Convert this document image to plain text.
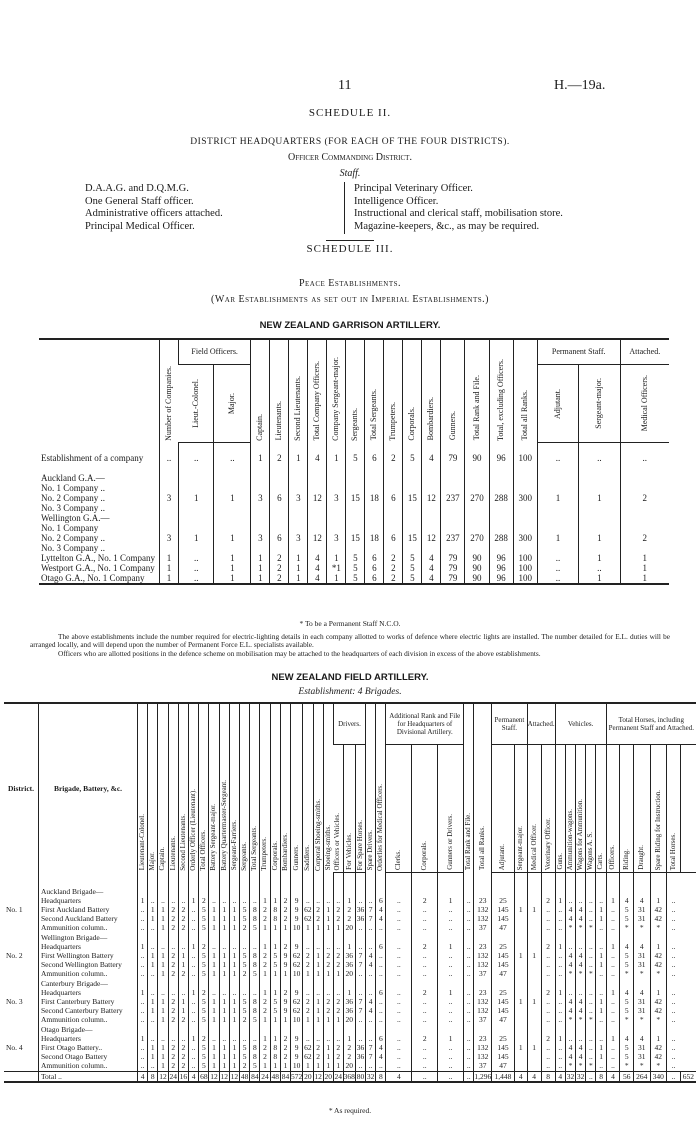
11	H.—19a.
SCHEDULE II.
DISTRICT HEADQUARTERS (FOR EACH OF THE FOUR DISTRICTS).
Officer Commanding District.
Staff.
D.A.A.G. and D.Q.M.G.
One General Staff officer.
Administrative officers attached.
Principal Medical Officer.
Principal Veterinary Officer.
Intelligence Officer.
Instructional and clerical staff, mobilisation store.
Magazine-keepers, &c., as may be required.
SCHEDULE III.
Peace Establishments.
(War Establishments as set out in Imperial Establishments.)
NEW ZEALAND GARRISON ARTILLERY.

	Number of Companies.	Field Officers.		Captain.	Lieutenants.	Second Lieutenants.	Total Company Officers.	Company Sergeant-major.	Sergeants.	Total Sergeants.	Trumpeters.	Corporals.	Bombardiers.	Gunners.	Total Rank and File.	Total, excluding Officers.	Total all Ranks.	Permanent Staff.		Attached.

		Lieut.-Colonel.	Major.															Adjutant.	Sergeant-major.	Medical Officers.

Establishment of a company	..	..	..	1	2	1	4	1	5	6	2	5	4	79	90	96	100	..	..	..
Auckland G.A.—																				
No. 1 Company ..																				
No. 2 Company ..	3	1	1	3	6	3	12	3	15	18	6	15	12	237	270	288	300	1	1	2
No. 3 Company ..																				
Wellington G.A.—																				
No. 1 Company																				
No. 2 Company ..	3	1	1	3	6	3	12	3	15	18	6	15	12	237	270	288	300	1	1	2
No. 3 Company ..																				
Lyttelton G.A., No. 1 Company	1	..	1	1	2	1	4	1	5	6	2	5	4	79	90	96	100	..	1	1
Westport G.A., No. 1 Company	1	..	1	1	2	1	4	*1	5	6	2	5	4	79	90	96	100	..	..	1
Otago G.A., No. 1 Company	1	..	1	1	2	1	4	1	5	6	2	5	4	79	90	96	100	..	1	1
* To be a Permanent Staff N.C.O.
The above establishments include the number required for electric-lighting details in each company allotted to works of defence where electric lights are installed. The number detailed for E.L. duties will be arranged locally, and will depend upon the number of Permanent Force E.L. specialists available.
Officers who are allotted positions in the defence scheme on mobilisation may be attached to the headquarters of each division in excess of the above establishments.
NEW ZEALAND FIELD ARTILLERY.
Establishment: 4 Brigades.
District.	Brigade, Battery, &c.	Lieutenant-Colonel.	Major.	Captain.	Lieutenants.	Second Lieutenants.	Orderly Officer (Lieutenant).	Total Officers.	Battery Sergeant-major.	Battery Quartermaster-Sergeant.	Sergeant-Farriers.	Sergeants.	Total Sergeants.	Trumpeters.	Corporals.	Bombardiers.	Gunners.	Saddlers.	Corporal Shoeing-smiths.	Shoeing-smiths.	Drivers.			Spare Drivers.	Orderlies for Medical Officers.	Additional Rank and File for Headquarters of Divisional Artillery.			Total Rank and File.	Total all Ranks.	Permanent Staff.		Attached.		Vehicles.					Total Horses, including Permanent Staff and Attached.					

																					Officers or Vehicles.	For Vehicles.	For Spare Horses.			Clerks.	Corporals.	Gunners or Drivers.			Adjutant.	Sergeant-major.	Medical Officer.	Veterinary Officer.	Guns.	Ammunition-wagons.	Wagons for Ammunition.	Wagons A. S.	Carts.	Officers.	Riding.	Draught.	Spare Riding for Instruction.	Total Horses.	

	Auckland Brigade—																																												
	Headquarters	1	..	..	..	..	1	2	..	..	..	..	..	1	1	2	9	..	..	..	..	1	..	..	6	..	2	1	..	23	25			2	1	..	..	..	..	1	4	4	1	..	
No. 1	First Auckland Battery	..	1	1	2	2	..	5	1	1	1	5	8	2	8	2	9	62	2	1	2	2	36	7	4	..	..	..	..	132	145	1	1	..	..	4	4	..	1	..	5	31	42	..	
	Second Auckland Battery	..	1	1	2	2	..	5	1	1	1	5	8	2	8	2	9	62	2	1	2	2	36	7	4	..	..	..	..	132	145			..	..	4	4	..	1	..	5	31	42	..	
	Ammunition column..	..	..	1	2	2	..	5	1	1	1	2	5	1	1	1	10	1	1	1	1	20	..	..	..	..	..	..	..	37	47			..	..	*	*	*	..	..	*	*	*	..	
	Wellington Brigade—																																												
	Headquarters	1	..	..	..	..	1	2	..	..	..	..	..	1	1	2	9	..	..	..	..	1	..	..	6	..	2	1	..	23	25			2	1	..	..	..	..	1	4	4	1	..	
No. 2	First Wellington Battery	..	1	1	2	1	..	5	1	1	1	5	8	2	5	9	62	2	1	2	2	36	7	4	..	..	..	..	..	132	145	1	1	..	..	4	4	..	1	..	5	31	42	..	
	Second Wellington Battery	..	1	1	2	1	..	5	1	1	1	5	8	2	5	9	62	2	1	2	2	36	7	4	..	..	..	..	..	132	145			..	..	4	4	..	1	..	5	31	42	..	
	Ammunition column..	..	..	1	2	2	..	5	1	1	1	2	5	1	1	1	10	1	1	1	1	20	..	..	..	..	..	..	..	37	47			..	..	*	*	*	..	..	*	*	*	..	
	Canterbury Brigade—																																												
	Headquarters	1	..	..	..	..	1	2	..	..	..	..	..	1	1	2	9	..	..	..	..	1	..	..	6	..	2	1	..	23	25			2	1	..	..	..	..	1	4	4	1	..	
No. 3	First Canterbury Battery	..	1	1	2	1	..	5	1	1	1	5	8	2	5	9	62	2	1	2	2	36	7	4	..	..	..	..	..	132	145	1	1	..	..	4	4	..	1	..	5	31	42	..	
	Second Canterbury Battery	..	1	1	2	1	..	5	1	1	1	5	8	2	5	9	62	2	1	2	2	36	7	4	..	..	..	..	..	132	145			..	..	4	4	..	1	..	5	31	42	..	
	Ammunition column..	..	..	1	2	2	..	5	1	1	1	2	5	1	1	1	10	1	1	1	1	20	..	..	..	..	..	..	..	37	47			..	..	*	*	*	..	..	*	*	*	..	
	Otago Brigade—																																												
	Headquarters	1	..	..	..	..	1	2	..	..	..	..	..	1	1	2	9	..	..	..	..	1	..	..	6	..	2	1	..	23	25			2	1	..	..	..	..	1	4	4	1	..	
No. 4	First Otago Battery..	..	1	1	2	2	..	5	1	1	1	5	8	2	8	2	9	62	2	1	2	2	36	7	4	..	..	..	..	132	145	1	1	..	..	4	4	..	1	..	5	31	42	..	
	Second Otago Battery	..	1	1	2	2	..	5	1	1	1	5	8	2	8	2	9	62	2	1	2	2	36	7	4	..	..	..	..	132	145			..	..	4	4	..	1	..	5	31	42	..	
	Ammunition column..	..	..	1	2	2	..	5	1	1	1	2	5	1	1	1	10	1	1	1	1	20	..	..	..	..	..	..	..	37	47			..	..	*	*	*	..	..	*	*	*	..	
	Total ..	4	8	12	24	16	4	68	12	12	12	48	84	24	48	84	572	20	12	20	24	368	80	32	8	4	..	..	..	1,296	1,448	4	4	8	4	32	32	..	8	4	56	264	340	..	652
* As required.
